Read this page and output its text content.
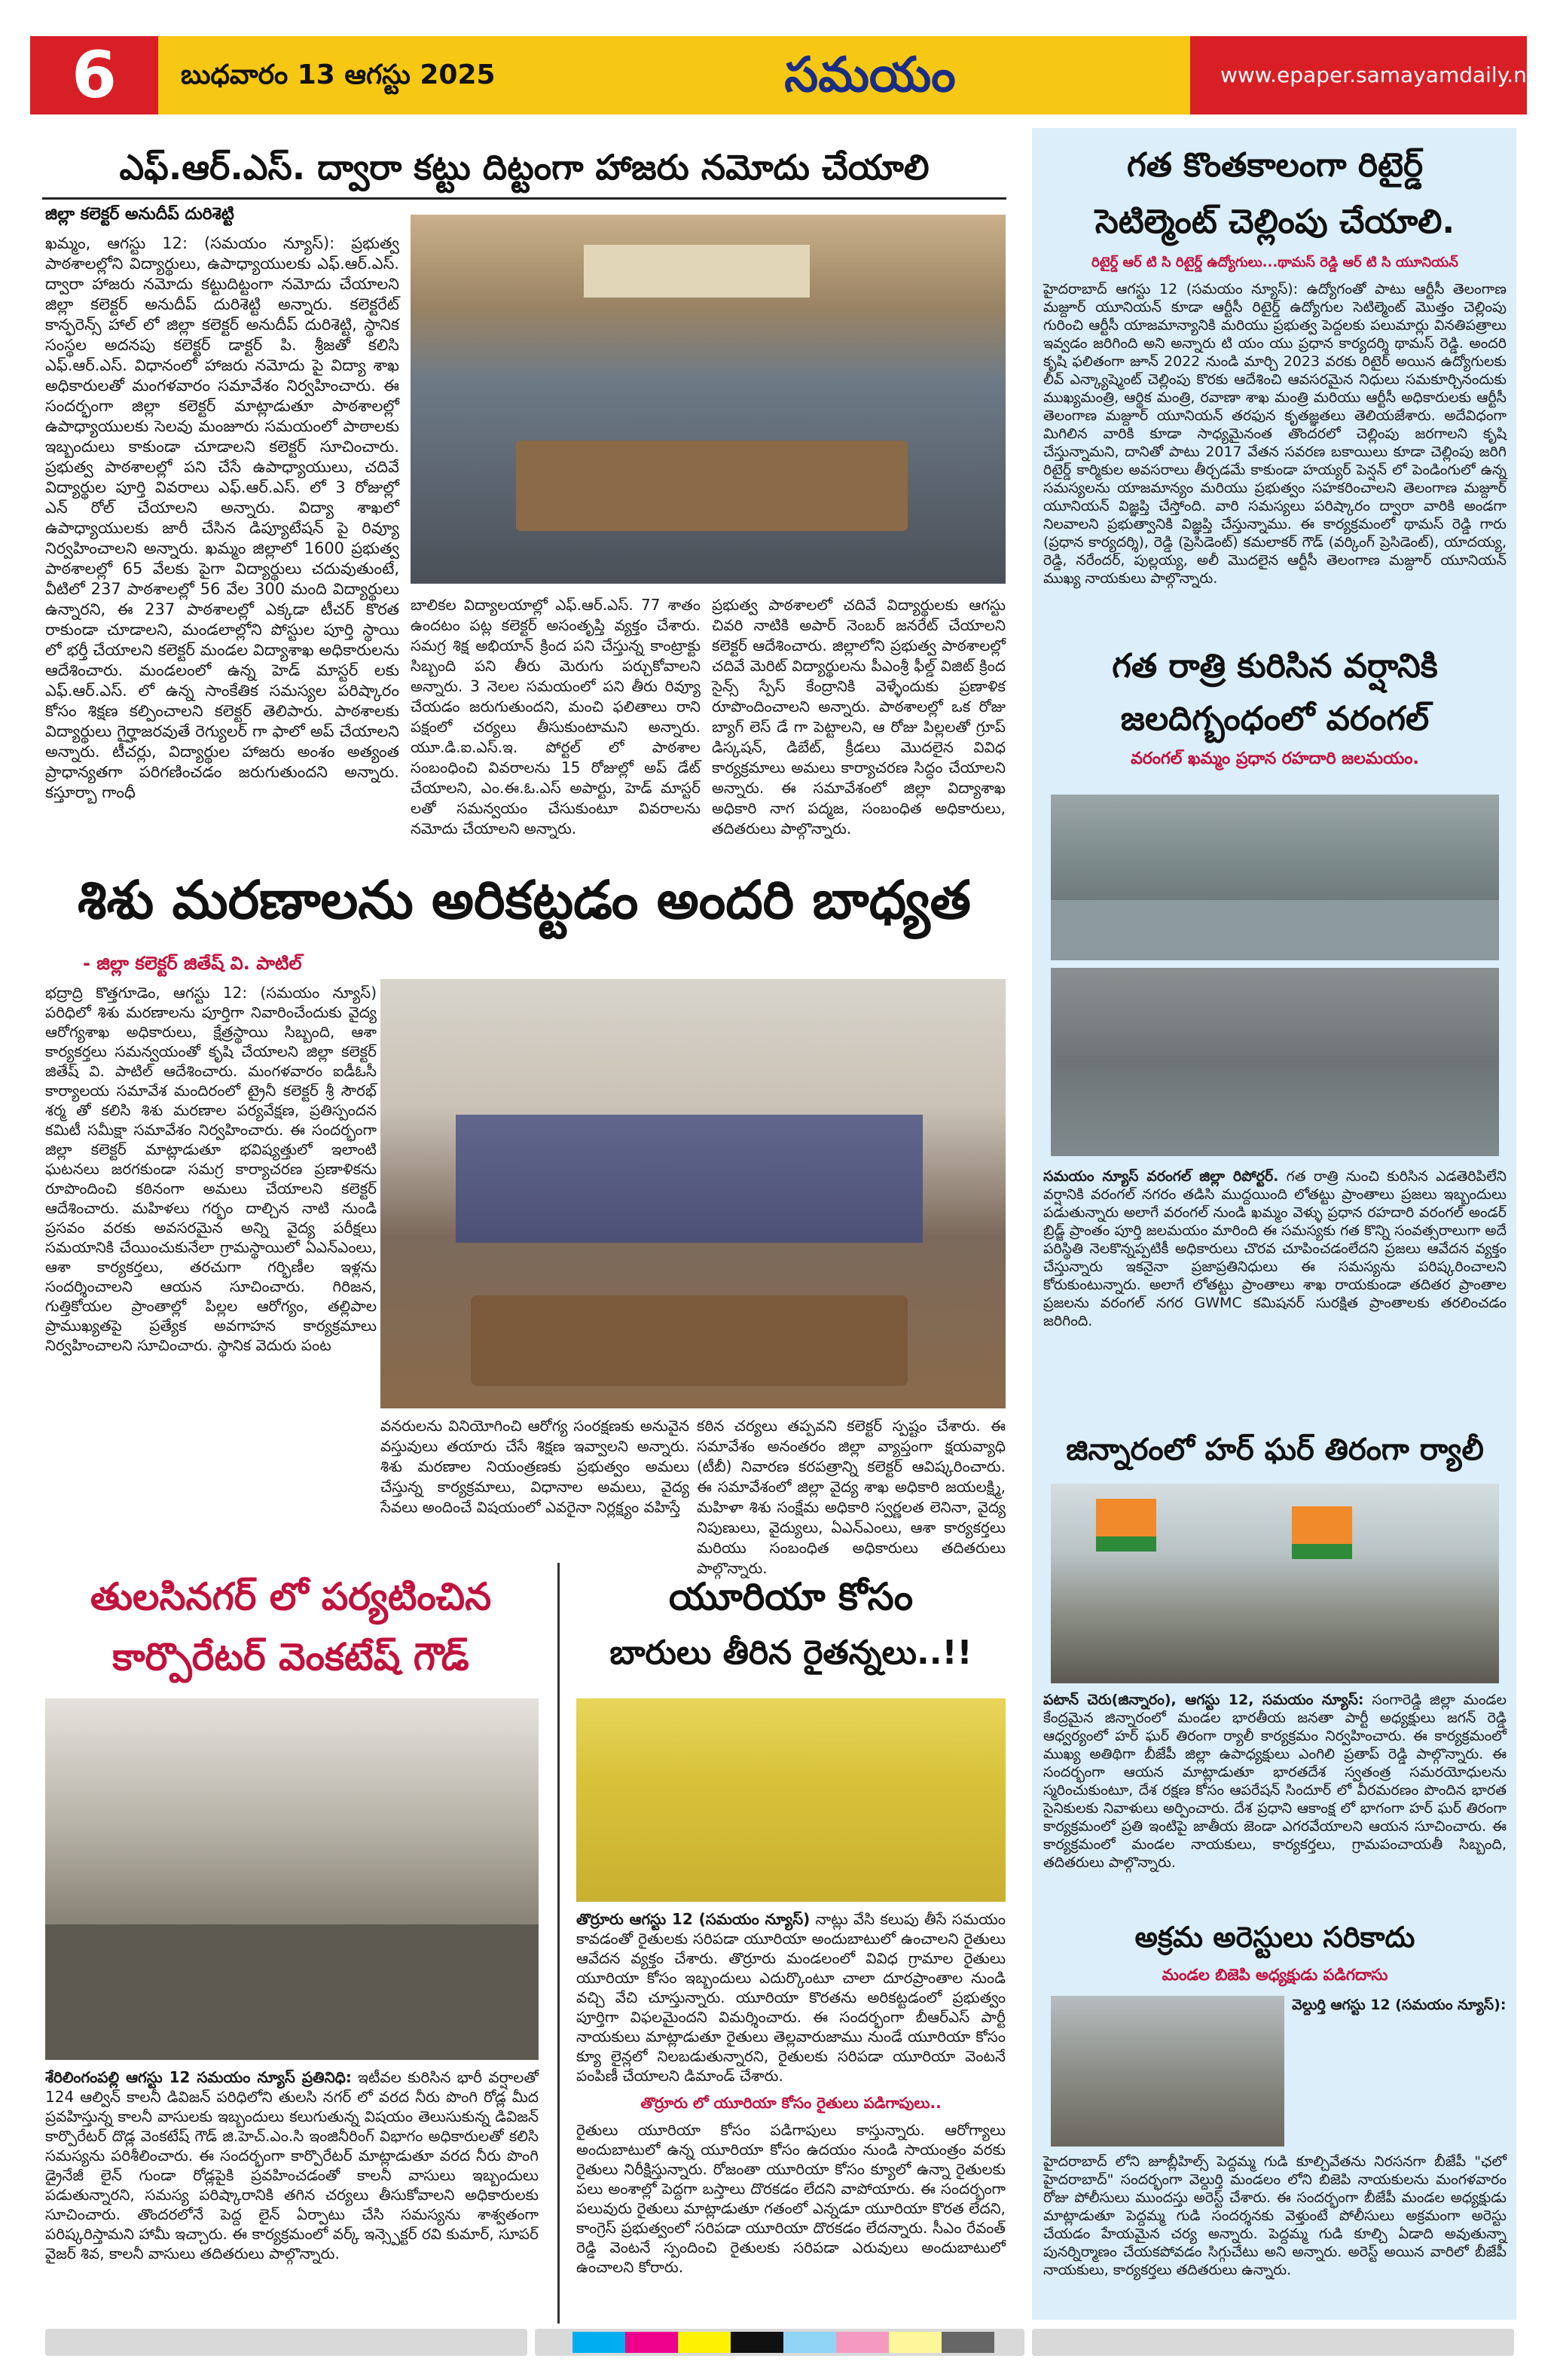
6	బుధవారం 13 ఆగస్టు 2025	సమయం	www.epaper.samayamdaily.net
ఎఫ్.ఆర్.ఎస్. ద్వారా కట్టు దిట్టంగా హాజరు నమోదు చేయాలి
జిల్లా కలెక్టర్ అనుదీప్ దురిశెట్టి
ఖమ్మం, ఆగస్టు 12: (సమయం న్యూస్): ప్రభుత్వ పాఠశాలల్లోని విద్యార్థులు, ఉపాధ్యాయులకు ఎఫ్.ఆర్.ఎస్. ద్వారా హాజరు నమోదు కట్టుదిట్టంగా నమోదు చేయాలని జిల్లా కలెక్టర్ అనుదీప్ దురిశెట్టి అన్నారు. కలెక్టరేట్ కాన్ఫరెన్స్ హాల్ లో జిల్లా కలెక్టర్ అనుదీప్ దురిశెట్టి, స్థానిక సంస్థల అదనపు కలెక్టర్ డాక్టర్ పి. శ్రీజతో కలిసి ఎఫ్.ఆర్.ఎస్. విధానంలో హాజరు నమోదు పై విద్యా శాఖ అధికారులతో మంగళవారం సమావేశం నిర్వహించారు. ఈ సందర్భంగా జిల్లా కలెక్టర్ మాట్లాడుతూ పాఠశాలల్లో ఉపాధ్యాయులకు సెలవు మంజూరు సమయంలో పాఠాలకు ఇబ్బందులు కాకుండా చూడాలని కలెక్టర్ సూచించారు. ప్రభుత్వ పాఠశాలల్లో పని చేసే ఉపాధ్యాయులు, చదివే విద్యార్థుల పూర్తి వివరాలు ఎఫ్.ఆర్.ఎస్. లో 3 రోజుల్లో ఎన్ రోల్ చేయాలని అన్నారు. విద్యా శాఖలో ఉపాధ్యాయులకు జారీ చేసిన డిప్యూటేషన్ పై రివ్యూ నిర్వహించాలని అన్నారు. ఖమ్మం జిల్లాలో 1600 ప్రభుత్వ పాఠశాలల్లో 65 వేలకు పైగా విద్యార్థులు చదువుతుంటే, వీటిలో 237 పాఠశాలల్లో 56 వేల 300 మంది విద్యార్థులు ఉన్నారని, ఈ 237 పాఠశాలల్లో ఎక్కడా టీచర్ కొరత రాకుండా చూడాలని, మండలాల్లోని పోస్టుల పూర్తి స్థాయి లో భర్తీ చేయాలని కలెక్టర్ మండల విద్యాశాఖ అధికారులను ఆదేశించారు. మండలంలో ఉన్న హెడ్ మాస్టర్ లకు ఎఫ్.ఆర్.ఎస్. లో ఉన్న సాంకేతిక సమస్యల పరిష్కారం కోసం శిక్షణ కల్పించాలని కలెక్టర్ తెలిపారు. పాఠశాలకు విద్యార్థులు గైర్హాజరవుతే రెగ్యులర్ గా ఫాలో అప్ చేయాలని అన్నారు. టీచర్లు, విద్యార్థుల హాజరు అంశం అత్యంత ప్రాధాన్యతగా పరిగణించడం జరుగుతుందని అన్నారు. కస్తూర్బా గాంధీ
బాలికల విద్యాలయాల్లో ఎఫ్.ఆర్.ఎస్. 77 శాతం ఉందటం పట్ల కలెక్టర్ అసంతృప్తి వ్యక్తం చేశారు. సమగ్ర శిక్ష అభియాన్ క్రింద పని చేస్తున్న కాంట్రాక్టు సిబ్బంది పని తీరు మెరుగు పర్చుకోవాలని అన్నారు. 3 నెలల సమయంలో పని తీరు రివ్యూ చేయడం జరుగుతుందని, మంచి ఫలితాలు రాని పక్షంలో చర్యలు తీసుకుంటామని అన్నారు. యూ.డి.ఐ.ఎస్.ఇ. పోర్టల్ లో పాఠశాల సంబంధించి వివరాలను 15 రోజుల్లో అప్ డేట్ చేయాలని, ఎం.ఈ.ఓ.ఎస్ అపార్టు, హెడ్ మాస్టర్ లతో సమన్వయం చేసుకుంటూ వివరాలను నమోదు చేయాలని అన్నారు.
ప్రభుత్వ పాఠశాలలో చదివే విద్యార్థులకు ఆగస్టు చివరి నాటికి అపార్ నెంబర్ జనరేట్ చేయాలని కలెక్టర్ ఆదేశించారు. జిల్లాలోని ప్రభుత్వ పాఠశాలల్లో చదివే మెరిట్ విద్యార్థులను పీఎంశ్రీ ఫీల్డ్ విజిట్ క్రింద సైన్స్ స్పేస్ కేంద్రానికి వెళ్ళేందుకు ప్రణాళిక రూపొందించాలని అన్నారు. పాఠశాలల్లో ఒక రోజు బ్యాగ్ లెస్ డే గా పెట్టాలని, ఆ రోజు పిల్లలతో గ్రూప్ డిస్కషన్, డిబేట్, క్రీడలు మొదలైన వివిధ కార్యక్రమాలు అమలు కార్యాచరణ సిద్ధం చేయాలని అన్నారు. ఈ సమావేశంలో జిల్లా విద్యాశాఖ అధికారి నాగ పద్మజ, సంబంధిత అధికారులు, తదితరులు పాల్గొన్నారు.
శిశు మరణాలను అరికట్టడం అందరి బాధ్యత
- జిల్లా కలెక్టర్ జితేష్ వి. పాటిల్
భద్రాద్రి కొత్తగూడెం, ఆగస్టు 12: (సమయం న్యూస్) పరిధిలో శిశు మరణాలను పూర్తిగా నివారించేందుకు వైద్య ఆరోగ్యశాఖ అధికారులు, క్షేత్రస్థాయి సిబ్బంది, ఆశా కార్యకర్తలు సమన్వయంతో కృషి చేయాలని జిల్లా కలెక్టర్ జితేష్ వి. పాటిల్ ఆదేశించారు. మంగళవారం ఐడీఓసీ కార్యాలయ సమావేశ మందిరంలో ట్రైనీ కలెక్టర్ శ్రీ సౌరభ్ శర్మ తో కలిసి శిశు మరణాల పర్యవేక్షణ, ప్రతిస్పందన కమిటీ సమీక్షా సమావేశం నిర్వహించారు. ఈ సందర్భంగా జిల్లా కలెక్టర్ మాట్లాడుతూ భవిష్యత్తులో ఇలాంటి ఘటనలు జరగకుండా సమగ్ర కార్యాచరణ ప్రణాళికను రూపొందించి కఠినంగా అమలు చేయాలని కలెక్టర్ ఆదేశించారు. మహిళలు గర్భం దాల్చిన నాటి నుండి ప్రసవం వరకు అవసరమైన అన్ని వైద్య పరీక్షలు సమయానికి చేయించుకునేలా గ్రామస్థాయిలో ఏఎన్ఎంలు, ఆశా కార్యకర్తలు, తరచుగా గర్భిణీల ఇళ్లను సందర్శించాలని ఆయన సూచించారు. గిరిజన, గుత్తికోయల ప్రాంతాల్లో పిల్లల ఆరోగ్యం, తల్లిపాల ప్రాముఖ్యతపై ప్రత్యేక అవగాహన కార్యక్రమాలు నిర్వహించాలని సూచించారు. స్థానిక వెదురు పంట
వనరులను వినియోగించి ఆరోగ్య సంరక్షణకు అనువైన వస్తువులు తయారు చేసే శిక్షణ ఇవ్వాలని అన్నారు. శిశు మరణాల నియంత్రణకు ప్రభుత్వం అమలు చేస్తున్న కార్యక్రమాలు, విధానాల అమలు, వైద్య సేవలు అందించే విషయంలో ఎవరైనా నిర్లక్ష్యం వహిస్తే
కఠిన చర్యలు తప్పవని కలెక్టర్ స్పష్టం చేశారు. ఈ సమావేశం అనంతరం జిల్లా వ్యాప్తంగా క్షయవ్యాధి (టీబీ) నివారణ కరపత్రాన్ని కలెక్టర్ ఆవిష్కరించారు. ఈ సమావేశంలో జిల్లా వైద్య శాఖ అధికారి జయలక్ష్మి, మహిళా శిశు సంక్షేమ అధికారి స్వర్ణలత లెనినా, వైద్య నిపుణులు, వైద్యులు, ఏఎన్ఎంలు, ఆశా కార్యకర్తలు మరియు సంబంధిత అధికారులు తదితరులు పాల్గొన్నారు.
తులసినగర్ లో పర్యటించిన
కార్పొరేటర్ వెంకటేష్ గౌడ్
శేరిలింగంపల్లి ఆగస్టు 12 సమయం న్యూస్ ప్రతినిధి: ఇటీవల కురిసిన భారీ వర్షాలతో 124 ఆల్విన్ కాలనీ డివిజన్ పరిధిలోని తులసి నగర్ లో వరద నీరు పొంగి రోడ్ల మీద ప్రవహిస్తున్న కాలనీ వాసులకు ఇబ్బందులు కలుగుతున్న విషయం తెలుసుకున్న డివిజన్ కార్పొరేటర్ దొడ్ల వెంకటేష్ గౌడ్ జి.హెచ్.ఎం.సి ఇంజినీరింగ్ విభాగం అధికారులతో కలిసి సమస్యను పరిశీలించారు. ఈ సందర్భంగా కార్పొరేటర్ మాట్లాడుతూ వరద నీరు పొంగి డ్రైనేజీ లైన్ గుండా రోడ్లపైకి ప్రవహించడంతో కాలనీ వాసులు ఇబ్బందులు పడుతున్నారని, సమస్య పరిష్కారానికి తగిన చర్యలు తీసుకోవాలని అధికారులకు సూచించారు. తొందరలోనే పెద్ద లైన్ ఏర్పాటు చేసి సమస్యను శాశ్వతంగా పరిష్కరిస్తామని హామీ ఇచ్చారు. ఈ కార్యక్రమంలో వర్క్ ఇన్స్పెక్టర్ రవి కుమార్, సూపర్ వైజర్ శివ, కాలనీ వాసులు తదితరులు పాల్గొన్నారు.
యూరియా కోసం
బారులు తీరిన రైతన్నలు..!!
తొర్రూరు ఆగస్టు 12 (సమయం న్యూస్) నాట్లు వేసి కలుపు తీసే సమయం కావడంతో రైతులకు సరిపడా యూరియా అందుబాటులో ఉంచాలని రైతులు ఆవేదన వ్యక్తం చేశారు. తొర్రూరు మండలంలో వివిధ గ్రామాల రైతులు యూరియా కోసం ఇబ్బందులు ఎదుర్కొంటూ చాలా దూరప్రాంతాల నుండి వచ్చి వేచి చూస్తున్నారు. యూరియా కొరతను అరికట్టడంలో ప్రభుత్వం పూర్తిగా విఫలమైందని విమర్శించారు. ఈ సందర్భంగా బీఆర్ఎస్ పార్టీ నాయకులు మాట్లాడుతూ రైతులు తెల్లవారుజాము నుండే యూరియా కోసం క్యూ లైన్లలో నిలబడుతున్నారని, రైతులకు సరిపడా యూరియా వెంటనే పంపిణీ చేయాలని డిమాండ్ చేశారు.
తొర్రూరు లో యూరియా కోసం రైతులు పడిగాపులు..
రైతులు యూరియా కోసం పడిగాపులు కాస్తున్నారు. ఆరోగ్యాలు అందుబాటులో ఉన్న యూరియా కోసం ఉదయం నుండి సాయంత్రం వరకు రైతులు నిరీక్షిస్తున్నారు. రోజంతా యూరియా కోసం క్యూలో ఉన్నా రైతులకు పలు అంశాల్లో పెద్దగా బస్తాలు దొరకడం లేదని వాపోయారు. ఈ సందర్భంగా పలువురు రైతులు మాట్లాడుతూ గతంలో ఎన్నడూ యూరియా కొరత లేదని, కాంగ్రెస్ ప్రభుత్వంలో సరిపడా యూరియా దొరకడం లేదన్నారు. సీఎం రేవంత్ రెడ్డి వెంటనే స్పందించి రైతులకు సరిపడా ఎరువులు అందుబాటులో ఉంచాలని కోరారు.
గత కొంతకాలంగా రిటైర్డ్
సెటిల్మెంట్ చెల్లింపు చేయాలి.
రిటైర్డ్ ఆర్ టి సి రిటైర్డ్ ఉద్యోగులు...థామస్ రెడ్డి ఆర్ టి సి యూనియన్
హైదరాబాద్ ఆగస్టు 12 (సమయం న్యూస్): ఉద్యోగంతో పాటు ఆర్టీసీ తెలంగాణ మజ్దూర్ యూనియన్ కూడా ఆర్టీసీ రిటైర్డ్ ఉద్యోగుల సెటిల్మెంట్ మొత్తం చెల్లింపు గురించి ఆర్టీసీ యాజమాన్యానికి మరియు ప్రభుత్వ పెద్దలకు పలుమార్లు వినతిపత్రాలు ఇవ్వడం జరిగింది అని అన్నారు టి యం యు ప్రధాన కార్యదర్శి థామస్ రెడ్డి. అందరి కృషి ఫలితంగా జూన్ 2022 నుండి మార్చి 2023 వరకు రిటైర్ అయిన ఉద్యోగులకు లీవ్ ఎన్క్యాష్మెంట్ చెల్లింపు కొరకు ఆదేశించి ఆవసరమైన నిధులు సమకూర్చినందుకు ముఖ్యమంత్రి, ఆర్థిక మంత్రి, రవాణా శాఖ మంత్రి మరియు ఆర్టీసీ అధికారులకు ఆర్టీసీ తెలంగాణ మజ్దూర్ యూనియన్ తరఫున కృతజ్ఞతలు తెలియజేశారు. అదేవిధంగా మిగిలిన వారికి కూడా సాధ్యమైనంత తొందరలో చెల్లింపు జరగాలని కృషి చేస్తున్నామని, దానితో పాటు 2017 వేతన సవరణ బకాయిలు కూడా చెల్లింపు జరిగి రిటైర్డ్ కార్మికుల అవసరాలు తీర్చడమే కాకుండా హయ్యర్ పెన్షన్ లో పెండింగులో ఉన్న సమస్యలను యాజమాన్యం మరియు ప్రభుత్వం సహకరించాలని తెలంగాణ మజ్దూర్ యూనియన్ విజ్ఞప్తి చేస్తోంది. వారి సమస్యలు పరిష్కారం ద్వారా వారికి అండగా నిలవాలని ప్రభుత్వానికి విజ్ఞప్తి చేస్తున్నాము. ఈ కార్యక్రమంలో థామస్ రెడ్డి గారు (ప్రధాన కార్యదర్శి), రెడ్డి (ప్రెసిడెంట్) కమలాకర్ గౌడ్ (వర్కింగ్ ప్రెసిడెంట్), యాదయ్య, రెడ్డి, నరేందర్, పుల్లయ్య, అలీ మొదలైన ఆర్టీసీ తెలంగాణ మజ్దూర్ యూనియన్ ముఖ్య నాయకులు పాల్గొన్నారు.
గత రాత్రి కురిసిన వర్షానికి
జలదిగ్బంధంలో వరంగల్
వరంగల్ ఖమ్మం ప్రధాన రహదారి జలమయం.
సమయం న్యూస్ వరంగల్ జిల్లా రిపోర్టర్. గత రాత్రి నుంచి కురిసిన ఎడతెరిపిలేని వర్షానికి వరంగల్ నగరం తడిసి ముద్దయింది లోతట్టు ప్రాంతాలు ప్రజలు ఇబ్బందులు పడుతున్నారు అలాగే వరంగల్ నుండి ఖమ్మం వెళ్ళు ప్రధాన రహదారి వరంగల్ అండర్ బ్రిడ్జ్ ప్రాంతం పూర్తి జలమయం మారింది ఈ సమస్యకు గత కొన్ని సంవత్సరాలుగా అదే పరిస్థితి నెలకొన్నప్పటికీ అధికారులు చొరవ చూపించడంలేదని ప్రజలు ఆవేదన వ్యక్తం చేస్తున్నారు ఇకనైనా ప్రజాప్రతినిధులు ఈ సమస్యను పరిష్కరించాలని కోరుకుంటున్నారు. అలాగే లోతట్టు ప్రాంతాలు శాఖ రాయకుండా తదితర ప్రాంతాల ప్రజలను వరంగల్ నగర GWMC కమిషనర్ సురక్షిత ప్రాంతాలకు తరలించడం జరిగింది.
జిన్నారంలో హర్ ఘర్ తిరంగా ర్యాలీ
పటాన్ చెరు(జిన్నారం), ఆగస్టు 12, సమయం న్యూస్: సంగారెడ్డి జిల్లా మండల కేంద్రమైన జిన్నారంలో మండల భారతీయ జనతా పార్టీ అధ్యక్షులు జగన్ రెడ్డి ఆధ్వర్యంలో హర్ ఘర్ తిరంగా ర్యాలీ కార్యక్రమం నిర్వహించారు. ఈ కార్యక్రమంలో ముఖ్య అతిథిగా బీజేపీ జిల్లా ఉపాధ్యక్షులు ఎంగిలి ప్రతాప్ రెడ్డి పాల్గొన్నారు. ఈ సందర్భంగా ఆయన మాట్లాడుతూ భారతదేశ స్వతంత్ర సమరయోధులను స్మరించుకుంటూ, దేశ రక్షణ కోసం ఆపరేషన్ సిందూర్ లో వీరమరణం పొందిన భారత సైనికులకు నివాళులు అర్పించారు. దేశ ప్రధాని ఆకాంక్ష లో భాగంగా హర్ ఘర్ తిరంగా కార్యక్రమంలో ప్రతి ఇంటిపై జాతీయ జెండా ఎగరవేయాలని ఆయన సూచించారు. ఈ కార్యక్రమంలో మండల నాయకులు, కార్యకర్తలు, గ్రామపంచాయతీ సిబ్బంది, తదితరులు పాల్గొన్నారు.
అక్రమ అరెస్టులు సరికాదు
మండల బిజెపి అధ్యక్షుడు పడిగదాసు
వెల్దుర్తి ఆగస్టు 12 (సమయం న్యూస్):
హైదరాబాద్ లోని జూబ్లీహిల్స్ పెద్దమ్మ గుడి కూల్చివేతను నిరసనగా బీజేపీ "ఛలో హైదరాబాద్" సందర్భంగా వెల్దుర్తి మండలం లోని బిజెపి నాయకులను మంగళవారం రోజు పోలీసులు ముందస్తు అరెస్ట్ చేశారు. ఈ సందర్భంగా బీజేపీ మండల అధ్యక్షుడు మాట్లాడుతూ పెద్దమ్మ గుడి సందర్శనకు వెళ్తుంటే పోలీసులు అక్రమంగా అరెస్టు చేయడం హేయమైన చర్య అన్నారు. పెద్దమ్మ గుడి కూల్చి ఏడాది అవుతున్నా పునర్నిర్మాణం చేయకపోవడం సిగ్గుచేటు అని అన్నారు. అరెస్ట్ అయిన వారిలో బీజేపీ నాయకులు, కార్యకర్తలు తదితరులు ఉన్నారు.
